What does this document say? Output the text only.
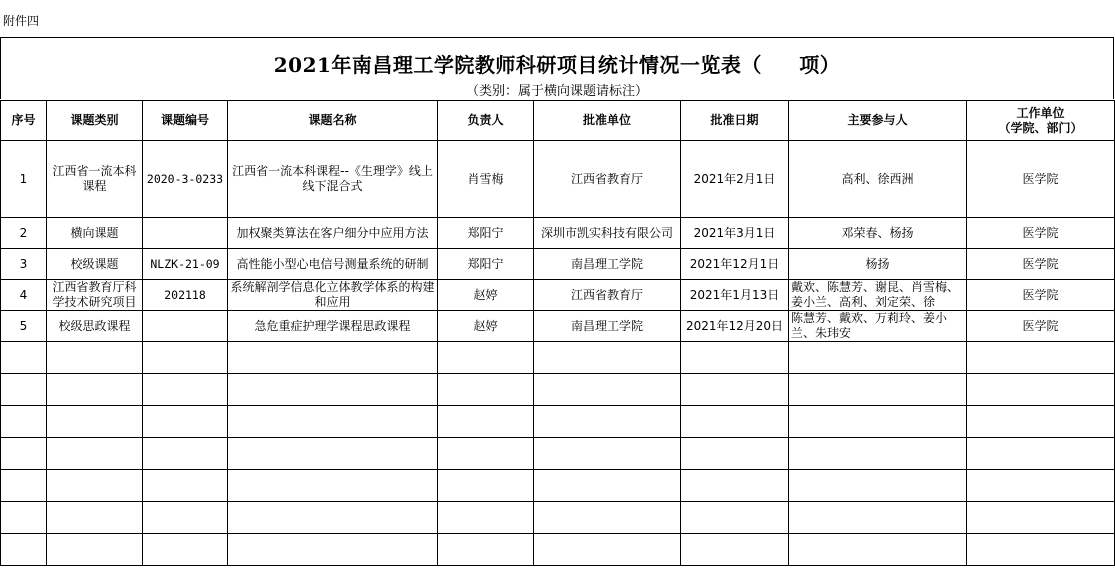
附件四
2021年南昌理工学院教师科研项目统计情况一览表（     项）
（类别：属于横向课题请标注）
序号	课题类别	课题编号	课题名称	负责人	批准单位	批准日期	主要参与人	工作单位
（学院、部门）
1	江西省一流本科课程	2020-3-0233	江西省一流本科课程--《生理学》线上线下混合式	肖雪梅	江西省教育厅	2021年2月1日	高利、徐西洲	医学院
2	横向课题		加权聚类算法在客户细分中应用方法	郑阳宁	深圳市凯实科技有限公司	2021年3月1日	邓荣春、杨扬	医学院
3	校级课题	NLZK-21-09	高性能小型心电信号测量系统的研制	郑阳宁	南昌理工学院	2021年12月1日	杨扬	医学院
4	江西省教育厅科学技术研究项目	202118	系统解剖学信息化立体教学体系的构建和应用	赵婷	江西省教育厅	2021年1月13日	戴欢、陈慧芳、谢昆、肖雪梅、姜小兰、高利、刘定荣、徐	医学院
5	校级思政课程		急危重症护理学课程思政课程	赵婷	南昌理工学院	2021年12月20日	陈慧芳、戴欢、万莉玲、姜小兰、朱玮安	医学院
